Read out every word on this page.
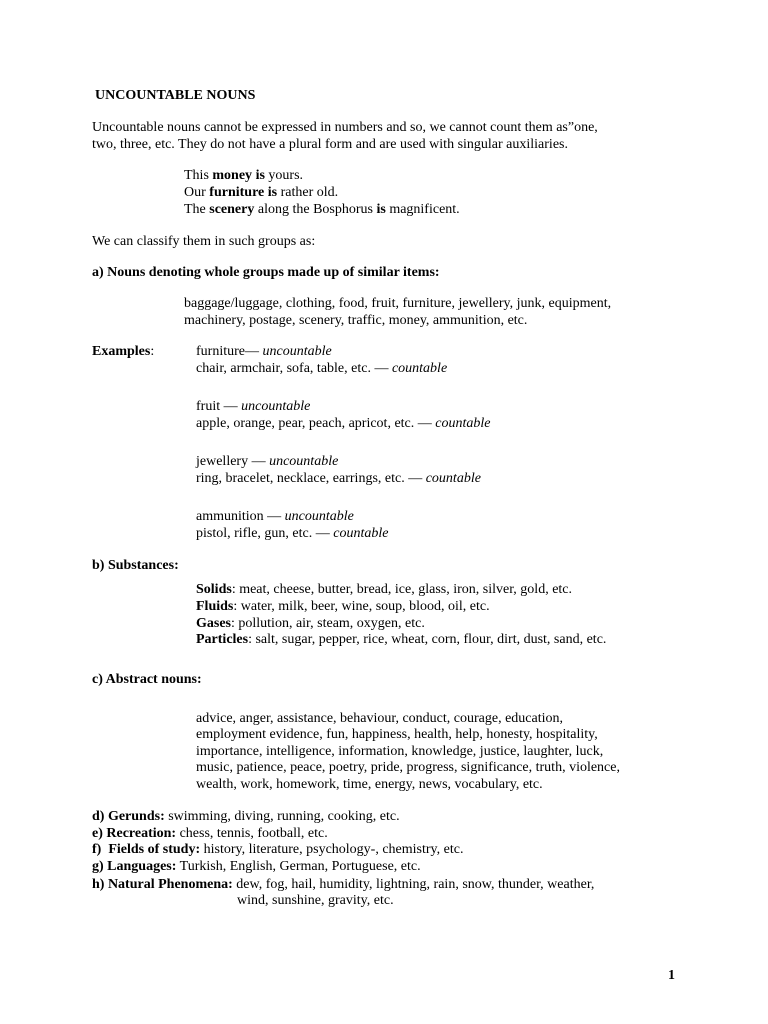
UNCOUNTABLE NOUNS
Uncountable nouns cannot be expressed in numbers and so, we cannot count them as”one,
two, three, etc. They do not have a plural form and are used with singular auxiliaries.
This money is yours.
Our furniture is rather old.
The scenery along the Bosphorus is magnificent.
We can classify them in such groups as:
a) Nouns denoting whole groups made up of similar items:
baggage/luggage, clothing, food, fruit, furniture, jewellery, junk, equipment,
machinery, postage, scenery, traffic, money, ammunition, etc.
Examples:	furniture— uncountable
chair, armchair, sofa, table, etc. — countable
fruit — uncountable
apple, orange, pear, peach, apricot, etc. — countable
jewellery — uncountable
ring, bracelet, necklace, earrings, etc. — countable
ammunition — uncountable
pistol, rifle, gun, etc. — countable
b) Substances:
Solids: meat, cheese, butter, bread, ice, glass, iron, silver, gold, etc.
Fluids: water, milk, beer, wine, soup, blood, oil, etc.
Gases: pollution, air, steam, oxygen, etc.
Particles: salt, sugar, pepper, rice, wheat, corn, flour, dirt, dust, sand, etc.
c) Abstract nouns:
advice, anger, assistance, behaviour, conduct, courage, education,
employment evidence, fun, happiness, health, help, honesty, hospitality,
importance, intelligence, information, knowledge, justice, laughter, luck,
music, patience, peace, poetry, pride, progress, significance, truth, violence,
wealth, work, homework, time, energy, news, vocabulary, etc.
d) Gerunds: swimming, diving, running, cooking, etc.
e) Recreation: chess, tennis, football, etc.
f)  Fields of study: history, literature, psychology-, chemistry, etc.
g) Languages: Turkish, English, German, Portuguese, etc.
h) Natural Phenomena: dew, fog, hail, humidity, lightning, rain, snow, thunder, weather,
wind, sunshine, gravity, etc.
1
